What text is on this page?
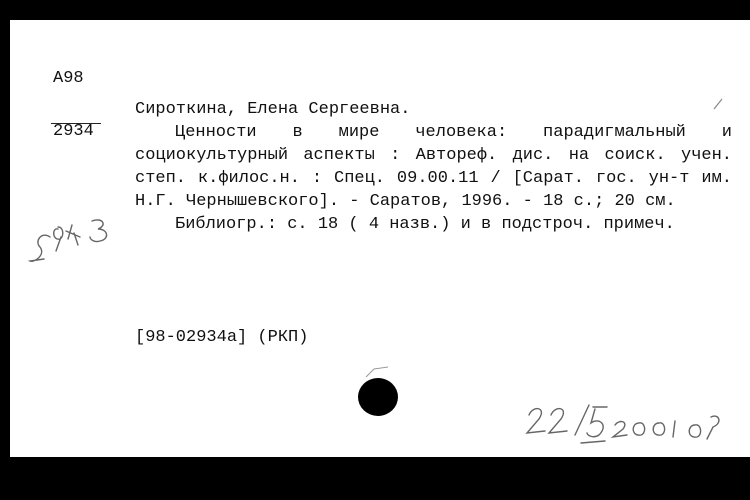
А98
2934

Сироткина, Елена Сергеевна.

Ценности в мире человека: парадигмальный и социокультурный аспекты : Автореф. дис. на соиск. учен. степ. к.филос.н. : Спец. 09.00.11 / [Сарат. гос. ун-т им. Н.Г. Чернышевского]. - Саратов, 1996. - 18 с.; 20 см.

Библиогр.: с. 18 ( 4 назв.) и в подстроч. примеч.

[98-02934а] (РКП)
